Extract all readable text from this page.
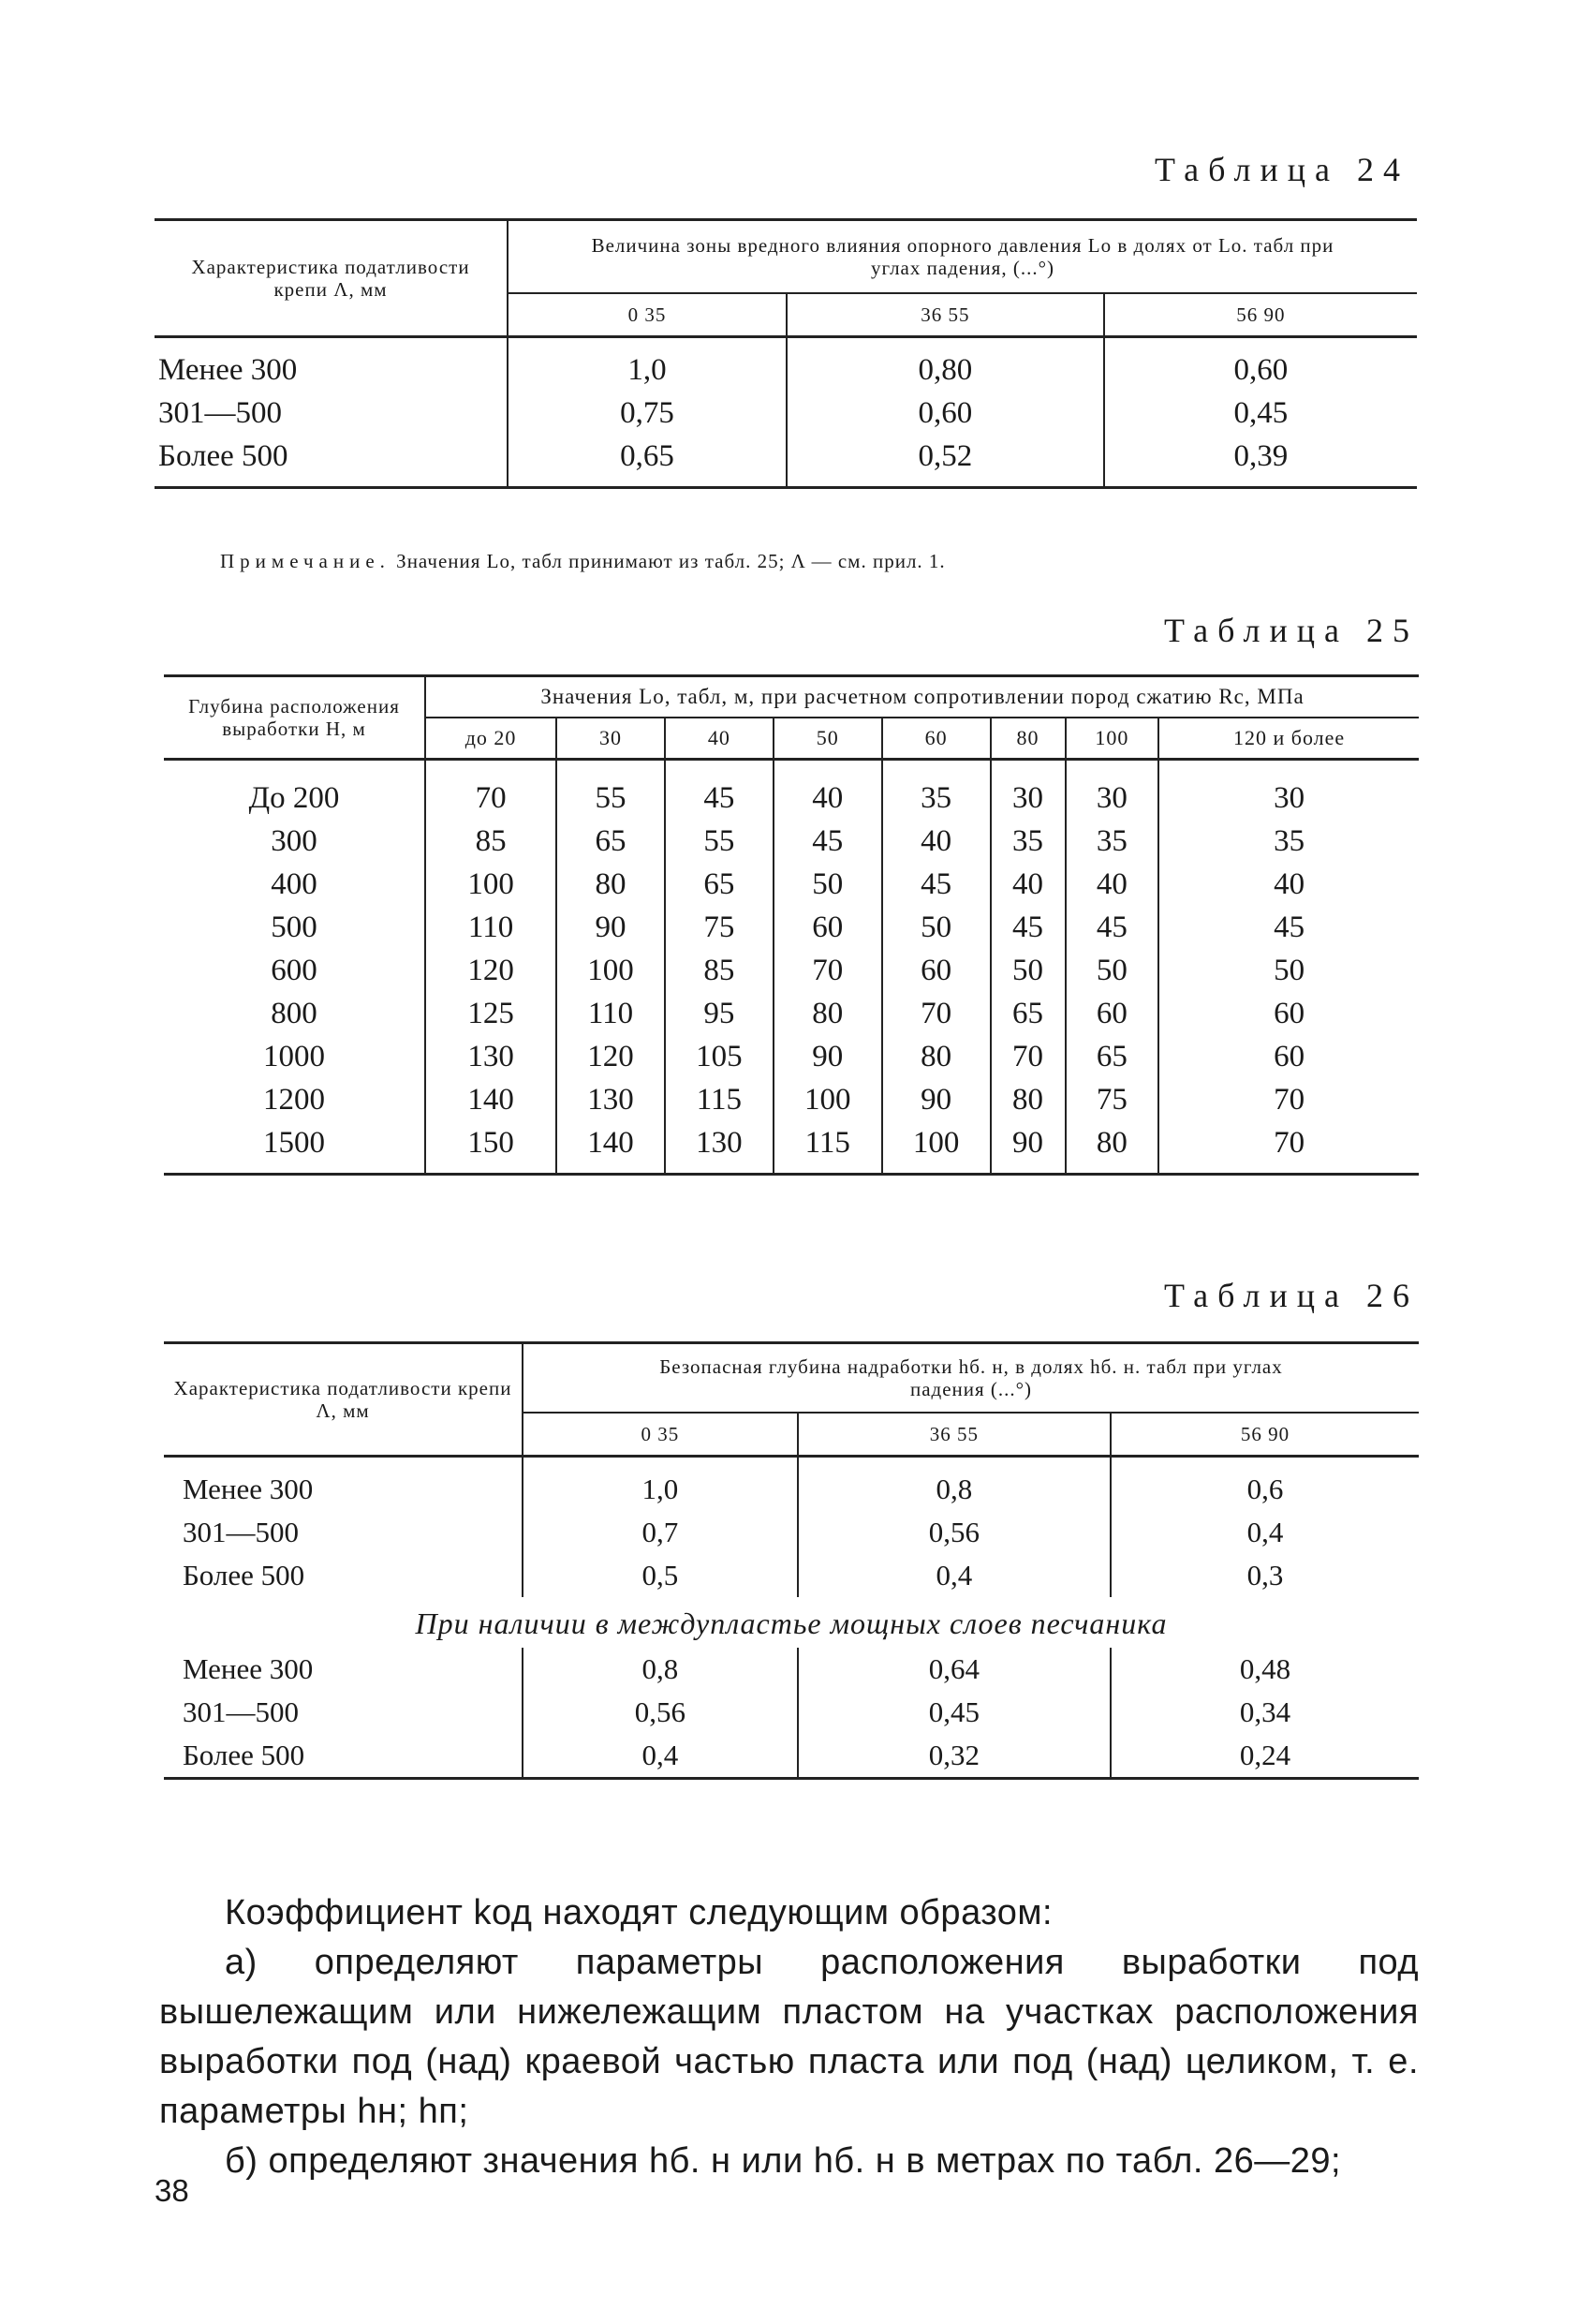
Таблица 24
Характеристика податливости крепи Λ, мм	Величина зоны вредного влияния опорного давления Lо в долях от Lо. табл при углах падения, (...°)		
	0 35	36 55	56 90
Менее 300	1,0	0,80	0,60
301—500	0,75	0,60	0,45
Более 500	0,65	0,52	0,39
Примечание. Значения Lо, табл принимают из табл. 25; Λ — см. прил. 1.
Таблица 25
Глубина расположения выработки Н, м	Значения Lо, табл, м, при расчетном сопротивлении пород сжатию Rс, МПа							
	до 20	30	40	50	60	80	100	120 и более
До 200	70	55	45	40	35	30	30	30
300	85	65	55	45	40	35	35	35
400	100	80	65	50	45	40	40	40
500	110	90	75	60	50	45	45	45
600	120	100	85	70	60	50	50	50
800	125	110	95	80	70	65	60	60
1000	130	120	105	90	80	70	65	60
1200	140	130	115	100	90	80	75	70
1500	150	140	130	115	100	90	80	70
Таблица 26
Характеристика податливости крепи Λ, мм	Безопасная глубина надработки hб. н, в долях hб. н. табл при углах падения (...°)		
	0 35	36 55	56 90
Менее 300	1,0	0,8	0,6
301—500	0,7	0,56	0,4
Более 500	0,5	0,4	0,3
При наличии в междупластье мощных слоев песчаника			
Менее 300	0,8	0,64	0,48
301—500	0,56	0,45	0,34
Более 500	0,4	0,32	0,24
Коэффициент kод находят следующим образом:
а) определяют параметры расположения выработки под вышележащим или нижележащим пластом на участках расположения выработки под (над) краевой частью пласта или под (над) целиком, т. е. параметры hн; hп;
б) определяют значения hб. н или hб. н в метрах по табл. 26—29;
38
